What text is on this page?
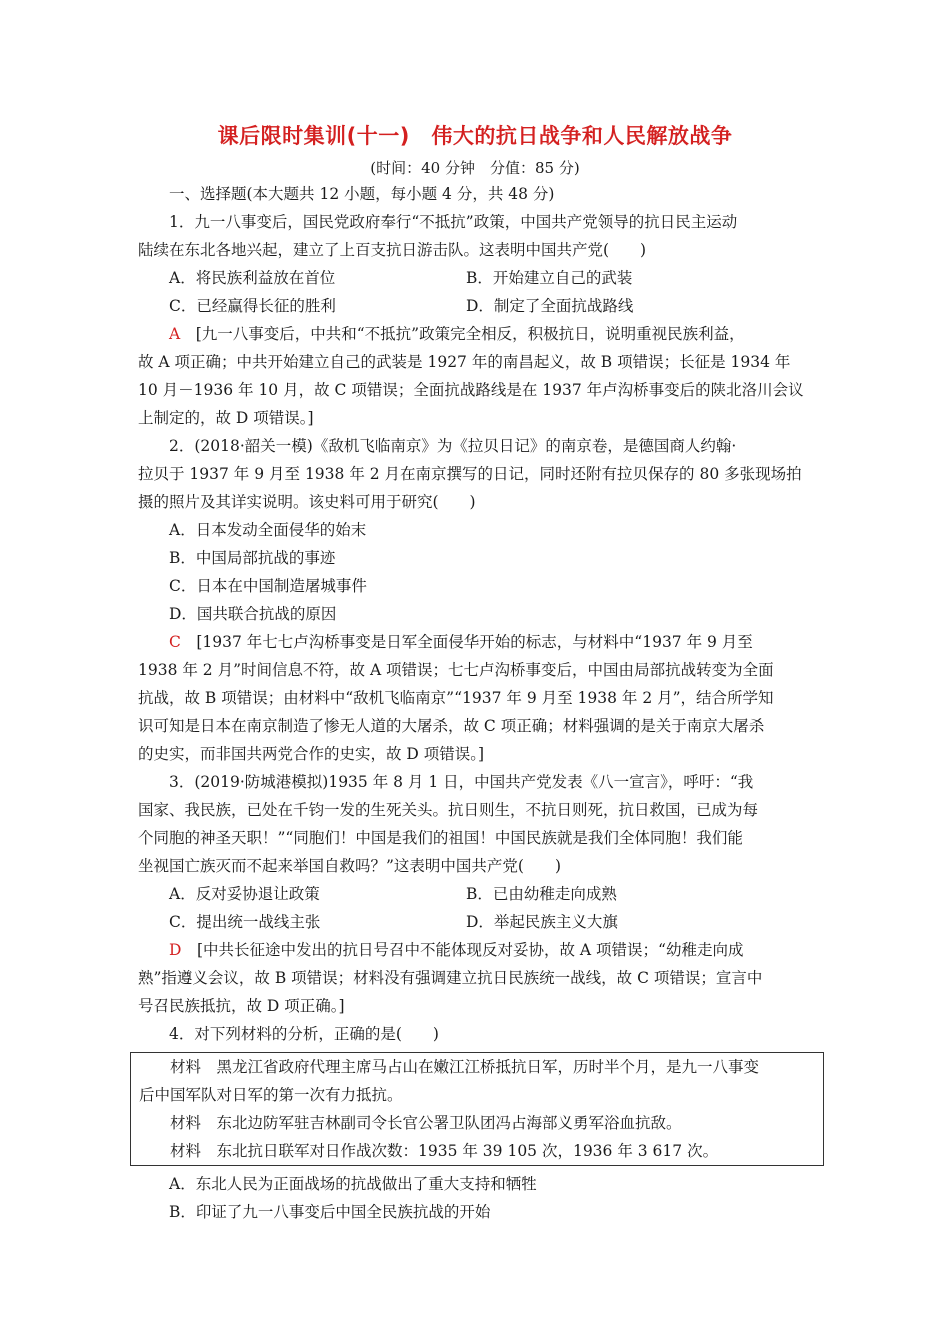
课后限时集训(十一)　伟大的抗日战争和人民解放战争

(时间：40 分钟　分值：85 分)

一、选择题(本大题共 12 小题，每小题 4 分，共 48 分)
1．九一八事变后，国民党政府奉行“不抵抗”政策，中国共产党领导的抗日民主运动
陆续在东北各地兴起，建立了上百支抗日游击队。这表明中国共产党(　　)
A．将民族利益放在首位	B．开始建立自己的武装
C．已经赢得长征的胜利	D．制定了全面抗战路线
A　[九一八事变后，中共和“不抵抗”政策完全相反，积极抗日，说明重视民族利益，
故 A 项正确；中共开始建立自己的武装是 1927 年的南昌起义，故 B 项错误；长征是 1934 年
10 月－1936 年 10 月，故 C 项错误；全面抗战路线是在 1937 年卢沟桥事变后的陕北洛川会议
上制定的，故 D 项错误。]
2．(2018·韶关一模)《敌机飞临南京》为《拉贝日记》的南京卷，是德国商人约翰·
拉贝于 1937 年 9 月至 1938 年 2 月在南京撰写的日记，同时还附有拉贝保存的 80 多张现场拍
摄的照片及其详实说明。该史料可用于研究(　　)
A．日本发动全面侵华的始末
B．中国局部抗战的事迹
C．日本在中国制造屠城事件
D．国共联合抗战的原因
C　[1937 年七七卢沟桥事变是日军全面侵华开始的标志，与材料中“1937 年 9 月至
1938 年 2 月”时间信息不符，故 A 项错误；七七卢沟桥事变后，中国由局部抗战转变为全面
抗战，故 B 项错误；由材料中“敌机飞临南京”“1937 年 9 月至 1938 年 2 月”，结合所学知
识可知是日本在南京制造了惨无人道的大屠杀，故 C 项正确；材料强调的是关于南京大屠杀
的史实，而非国共两党合作的史实，故 D 项错误。]
3．(2019·防城港模拟)1935 年 8 月 1 日，中国共产党发表《八一宣言》，呼吁：“我
国家、我民族，已处在千钧一发的生死关头。抗日则生，不抗日则死，抗日救国，已成为每
个同胞的神圣天职！”“同胞们！中国是我们的祖国！中国民族就是我们全体同胞！我们能
坐视国亡族灭而不起来举国自救吗？”这表明中国共产党(　　)
A．反对妥协退让政策	B．已由幼稚走向成熟
C．提出统一战线主张	D．举起民族主义大旗
D　[中共长征途中发出的抗日号召中不能体现反对妥协，故 A 项错误；“幼稚走向成
熟”指遵义会议，故 B 项错误；材料没有强调建立抗日民族统一战线，故 C 项错误；宣言中
号召民族抵抗，故 D 项正确。]
4．对下列材料的分析，正确的是(　　)
材料　黑龙江省政府代理主席马占山在嫩江江桥抵抗日军，历时半个月，是九一八事变
后中国军队对日军的第一次有力抵抗。
材料　东北边防军驻吉林副司令长官公署卫队团冯占海部义勇军浴血抗敌。
材料　东北抗日联军对日作战次数：1935 年 39 105 次，1936 年 3 617 次。
A．东北人民为正面战场的抗战做出了重大支持和牺牲
B．印证了九一八事变后中国全民族抗战的开始
